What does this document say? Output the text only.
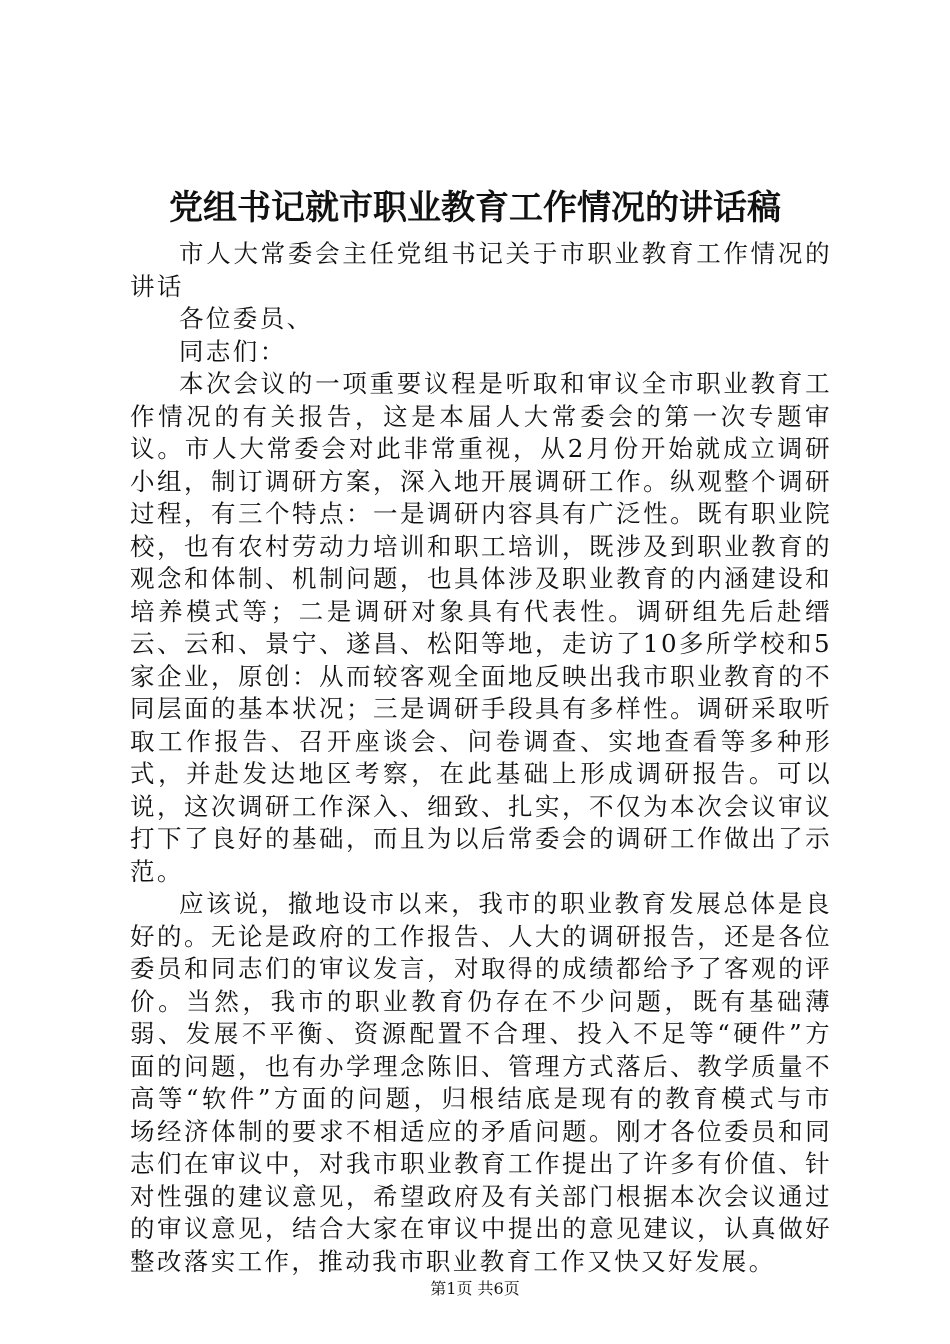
党组书记就市职业教育工作情况的讲话稿

市人大常委会主任党组书记关于市职业教育工作情况的讲话

各位委员、

同志们：

本次会议的一项重要议程是听取和审议全市职业教育工作情况的有关报告，这是本届人大常委会的第一次专题审议。市人大常委会对此非常重视，从2月份开始就成立调研小组，制订调研方案，深入地开展调研工作。纵观整个调研过程，有三个特点：一是调研内容具有广泛性。既有职业院校，也有农村劳动力培训和职工培训，既涉及到职业教育的观念和体制、机制问题，也具体涉及职业教育的内涵建设和培养模式等；二是调研对象具有代表性。调研组先后赴缙云、云和、景宁、遂昌、松阳等地，走访了10多所学校和5家企业，原创：从而较客观全面地反映出我市职业教育的不同层面的基本状况；三是调研手段具有多样性。调研采取听取工作报告、召开座谈会、问卷调查、实地查看等多种形式，并赴发达地区考察，在此基础上形成调研报告。可以说，这次调研工作深入、细致、扎实，不仅为本次会议审议打下了良好的基础，而且为以后常委会的调研工作做出了示范。

应该说，撤地设市以来，我市的职业教育发展总体是良好的。无论是政府的工作报告、人大的调研报告，还是各位委员和同志们的审议发言，对取得的成绩都给予了客观的评价。当然，我市的职业教育仍存在不少问题，既有基础薄弱、发展不平衡、资源配置不合理、投入不足等“硬件”方面的问题，也有办学理念陈旧、管理方式落后、教学质量不高等“软件”方面的问题，归根结底是现有的教育模式与市场经济体制的要求不相适应的矛盾问题。刚才各位委员和同志们在审议中，对我市职业教育工作提出了许多有价值、针对性强的建议意见，希望政府及有关部门根据本次会议通过的审议意见，结合大家在审议中提出的意见建议，认真做好整改落实工作，推动我市职业教育工作又快又好发展。

第1页 共6页
